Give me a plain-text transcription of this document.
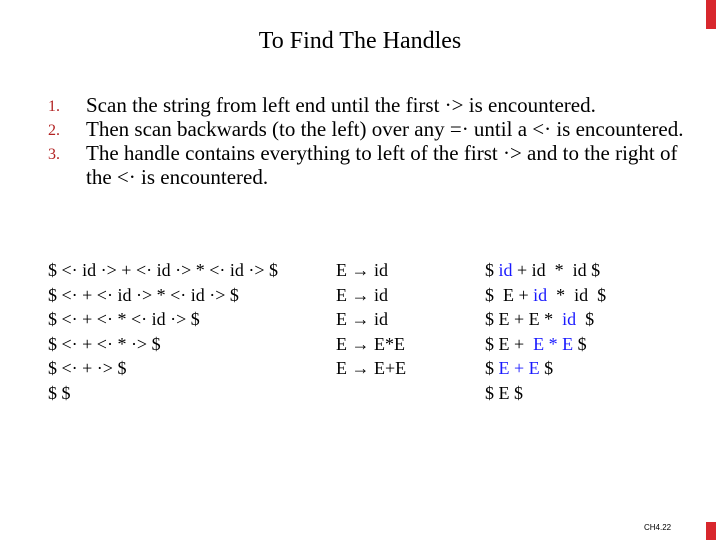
To Find The Handles
1. Scan the string from left end until the first ·> is encountered.
2. Then scan backwards (to the left) over any =· until a <· is encountered.
3. The handle contains everything to left of the first ·> and to the right of the <· is encountered.
$ <· id ·> + <· id ·> * <· id ·> $
$ <· + <· id ·> * <· id ·> $
$ <· + <· * <· id ·> $
$ <· + <· * ·> $
$ <· + ·> $
$ $
E → id
E → id
E → id
E → E*E
E → E+E
$ id + id  *  id $
$  E + id  *  id  $
$ E + E *  id  $
$ E +  E * E $
$ E + E $
$ E $
CH4.22
